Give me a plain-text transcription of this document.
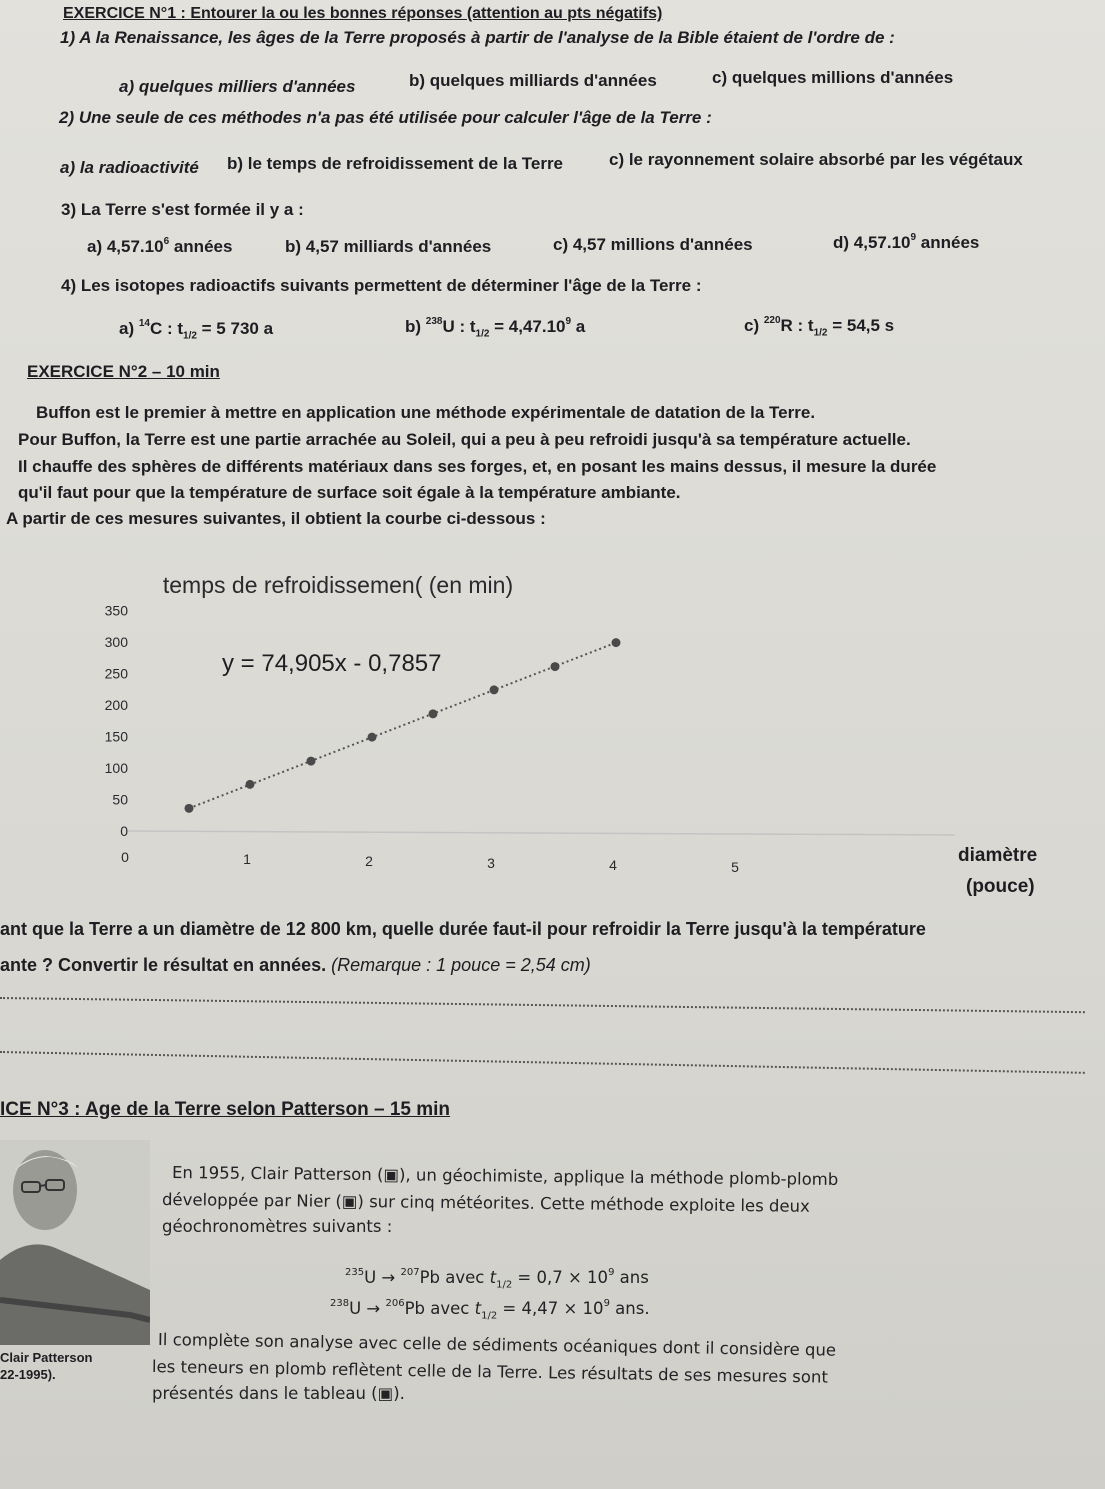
EXERCICE N°1 : Entourer la ou les bonnes réponses (attention au pts négatifs)
1) A la Renaissance, les âges de la Terre proposés à partir de l'analyse de la Bible étaient de l'ordre de :
a) quelques milliers d'années	b) quelques milliards d'années	c) quelques millions d'années
2) Une seule de ces méthodes n'a pas été utilisée pour calculer l'âge de la Terre :
a) la radioactivité b) le temps de refroidissement de la Terre	c) le rayonnement solaire absorbé par les végétaux
3) La Terre s'est formée il y a :
a) 4,57.10$^6$ années	b) 4,57 milliards d'années	c) 4,57 millions d'années	d) 4,57.10$^9$ années
4) Les isotopes radioactifs suivants permettent de déterminer l'âge de la Terre :
a) $^{14}$C : $t_{1/2} = 5$ 730 a	b) $^{238}$U : $t_{1/2} = 4,47.10^9$ a	c) $^{220}$R : $t_{1/2} = 54,5$ s
EXERCICE N°2 – 10 min
Buffon est le premier à mettre en application une méthode expérimentale de datation de la Terre.
Pour Buffon, la Terre est une partie arrachée au Soleil, qui a peu à peu refroidi jusqu'à sa température actuelle.
Il chauffe des sphères de différents matériaux dans ses forges, et, en posant les mains dessus, il mesure la durée
qu'il faut pour que la température de surface soit égale à la température ambiante.
A partir de ces mesures suivantes, il obtient la courbe ci-dessous :
temps de refroidissemen( (en min)
y = 74,905x - 0,7857
350
300
250
200
150
100
50
0
0	1	2	3	4	5
diamètre
(pouce)
ant que la Terre a un diamètre de 12 800 km, quelle durée faut-il pour refroidir la Terre jusqu'à la température
ante ? Convertir le résultat en années. (Remarque : 1 pouce = 2,54 cm)
ICE N°3 : Age de la Terre selon Patterson – 15 min
Clair Patterson
22-1995).
En 1955, Clair Patterson (▣), un géochimiste, applique la méthode plomb-plomb
développée par Nier (▣) sur cinq météorites. Cette méthode exploite les deux
géochronomètres suivants :
$^{235}$U → $^{207}$Pb avec $t_{1/2} = 0,7 \times 10^9$ ans
$^{238}$U → $^{206}$Pb avec $t_{1/2} = 4,47 \times 10^9$ ans.
Il complète son analyse avec celle de sédiments océaniques dont il considère que
les teneurs en plomb reflètent celle de la Terre. Les résultats de ses mesures sont
présentés dans le tableau (▣).
